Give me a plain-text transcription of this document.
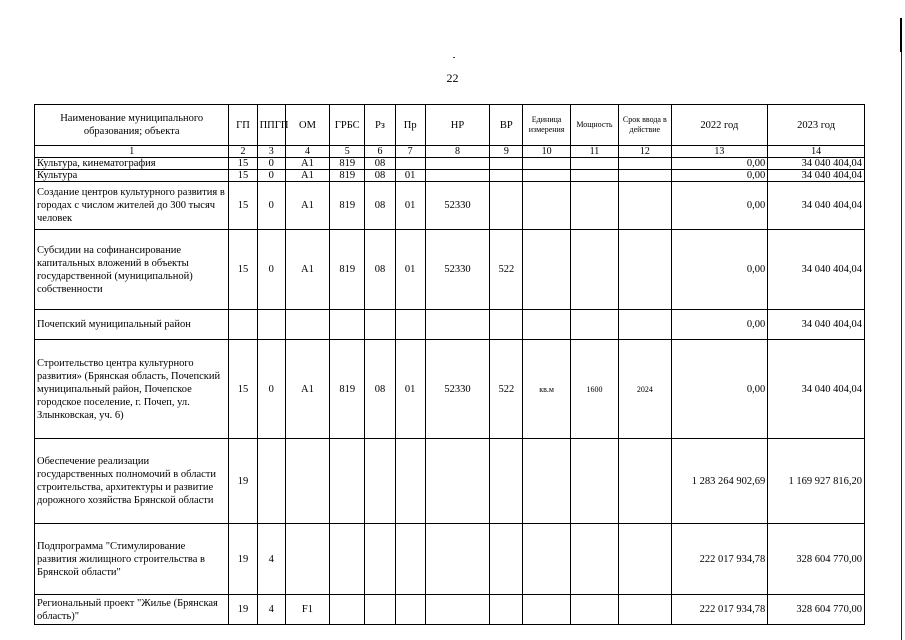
22
Наименование муниципального образования; объекта	ГП	ППГП	ОМ	ГРБС	Рз	Пр	НР	ВР	Единица измерения	Мощность	Срок ввода в действие	2022 год	2023 год
1	2	3	4	5	6	7	8	9	10	11	12	13	14
Культура, кинематография	15	0	А1	819	08							0,00	34 040 404,04
Культура	15	0	А1	819	08	01						0,00	34 040 404,04
Создание центров культурного развития в городах с числом жителей до 300 тысяч человек	15	0	А1	819	08	01	52330					0,00	34 040 404,04
Субсидии на софинансирование капитальных вложений в объекты государственной (муниципальной) собственности	15	0	А1	819	08	01	52330	522				0,00	34 040 404,04
Почепский муниципальный район												0,00	34 040 404,04
Строительство центра культурного развития» (Брянская область, Почепский муниципальный район, Почепское городское поселение, г. Почеп, ул. Злынковская, уч. 6)	15	0	А1	819	08	01	52330	522	кв.м	1600	2024	0,00	34 040 404,04
Обеспечение реализации государственных полномочий в области строительства, архитектуры и развитие дорожного хозяйства Брянской области	19											1 283 264 902,69	1 169 927 816,20
Подпрограмма "Стимулирование развития жилищного строительства в Брянской области"	19	4										222 017 934,78	328 604 770,00
Региональный проект "Жилье (Брянская область)"	19	4	F1									222 017 934,78	328 604 770,00
